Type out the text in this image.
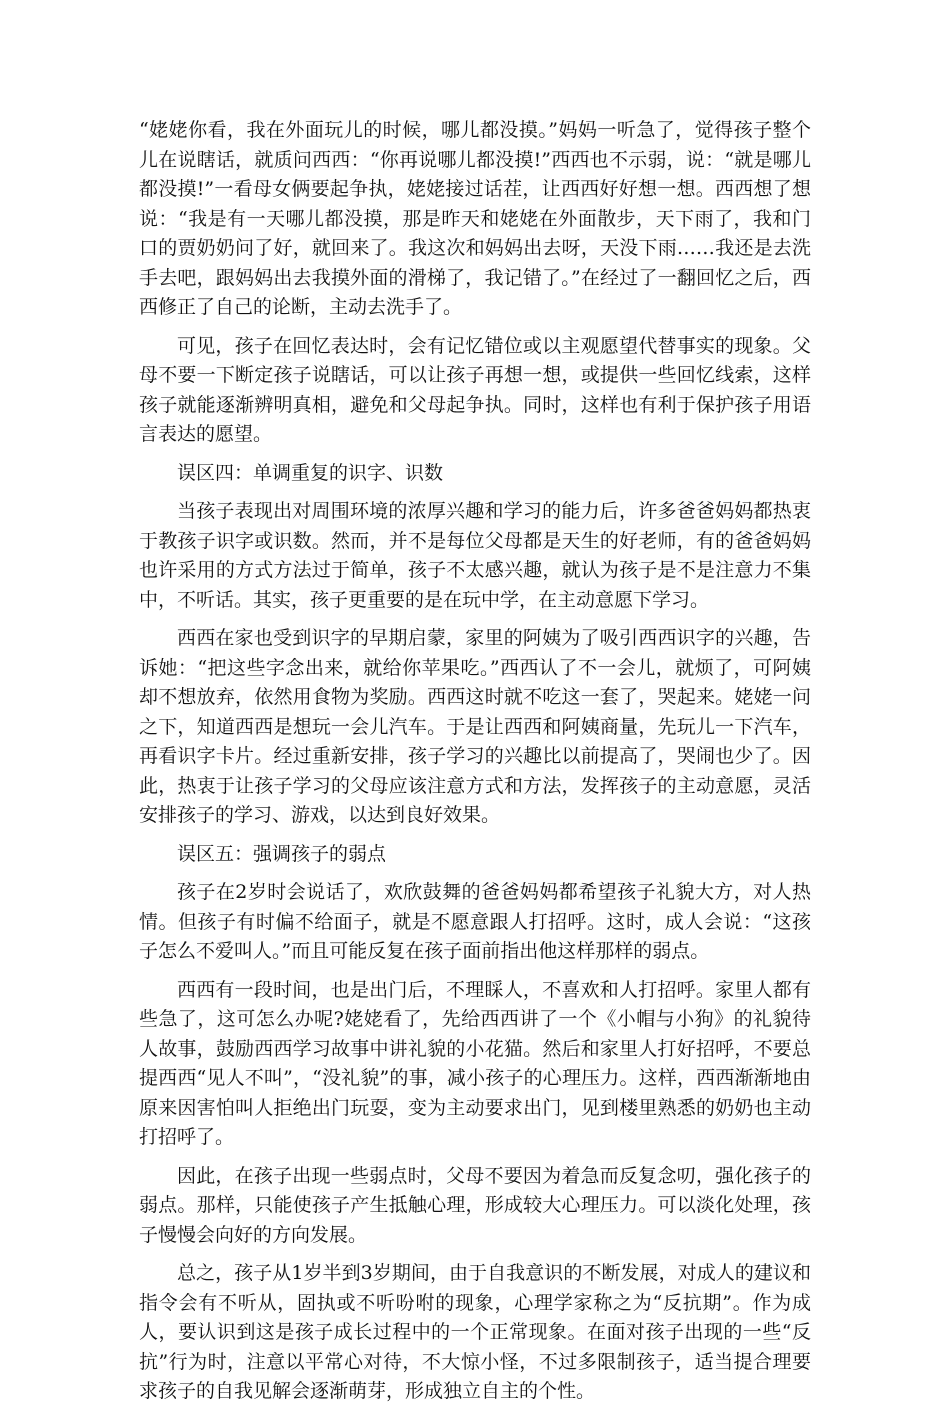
“姥姥你看，我在外面玩儿的时候，哪儿都没摸。”妈妈一听急了，觉得孩子整个儿在说瞎话，就质问西西：“你再说哪儿都没摸!”西西也不示弱，说：“就是哪儿都没摸!”一看母女俩要起争执，姥姥接过话茬，让西西好好想一想。西西想了想说：“我是有一天哪儿都没摸，那是昨天和姥姥在外面散步，天下雨了，我和门口的贾奶奶问了好，就回来了。我这次和妈妈出去呀，天没下雨……我还是去洗手去吧，跟妈妈出去我摸外面的滑梯了，我记错了。”在经过了一翻回忆之后，西西修正了自己的论断，主动去洗手了。

可见，孩子在回忆表达时，会有记忆错位或以主观愿望代替事实的现象。父母不要一下断定孩子说瞎话，可以让孩子再想一想，或提供一些回忆线索，这样孩子就能逐渐辨明真相，避免和父母起争执。同时，这样也有利于保护孩子用语言表达的愿望。

误区四：单调重复的识字、识数

当孩子表现出对周围环境的浓厚兴趣和学习的能力后，许多爸爸妈妈都热衷于教孩子识字或识数。然而，并不是每位父母都是天生的好老师，有的爸爸妈妈也许采用的方式方法过于简单，孩子不太感兴趣，就认为孩子是不是注意力不集中，不听话。其实，孩子更重要的是在玩中学，在主动意愿下学习。

西西在家也受到识字的早期启蒙，家里的阿姨为了吸引西西识字的兴趣，告诉她：“把这些字念出来，就给你苹果吃。”西西认了不一会儿，就烦了，可阿姨却不想放弃，依然用食物为奖励。西西这时就不吃这一套了，哭起来。姥姥一问之下，知道西西是想玩一会儿汽车。于是让西西和阿姨商量，先玩儿一下汽车，再看识字卡片。经过重新安排，孩子学习的兴趣比以前提高了，哭闹也少了。因此，热衷于让孩子学习的父母应该注意方式和方法，发挥孩子的主动意愿，灵活安排孩子的学习、游戏，以达到良好效果。

误区五：强调孩子的弱点

孩子在2岁时会说话了，欢欣鼓舞的爸爸妈妈都希望孩子礼貌大方，对人热情。但孩子有时偏不给面子，就是不愿意跟人打招呼。这时，成人会说：“这孩子怎么不爱叫人。”而且可能反复在孩子面前指出他这样那样的弱点。

西西有一段时间，也是出门后，不理睬人，不喜欢和人打招呼。家里人都有些急了，这可怎么办呢?姥姥看了，先给西西讲了一个《小帽与小狗》的礼貌待人故事，鼓励西西学习故事中讲礼貌的小花猫。然后和家里人打好招呼，不要总提西西“见人不叫”，“没礼貌”的事，减小孩子的心理压力。这样，西西渐渐地由原来因害怕叫人拒绝出门玩耍，变为主动要求出门，见到楼里熟悉的奶奶也主动打招呼了。

因此，在孩子出现一些弱点时，父母不要因为着急而反复念叨，强化孩子的弱点。那样，只能使孩子产生抵触心理，形成较大心理压力。可以淡化处理，孩子慢慢会向好的方向发展。

总之，孩子从1岁半到3岁期间，由于自我意识的不断发展，对成人的建议和指令会有不听从，固执或不听吩咐的现象，心理学家称之为“反抗期”。作为成人，要认识到这是孩子成长过程中的一个正常现象。在面对孩子出现的一些“反抗”行为时，注意以平常心对待，不大惊小怪，不过多限制孩子，适当提合理要求孩子的自我见解会逐渐萌芽，形成独立自主的个性。
